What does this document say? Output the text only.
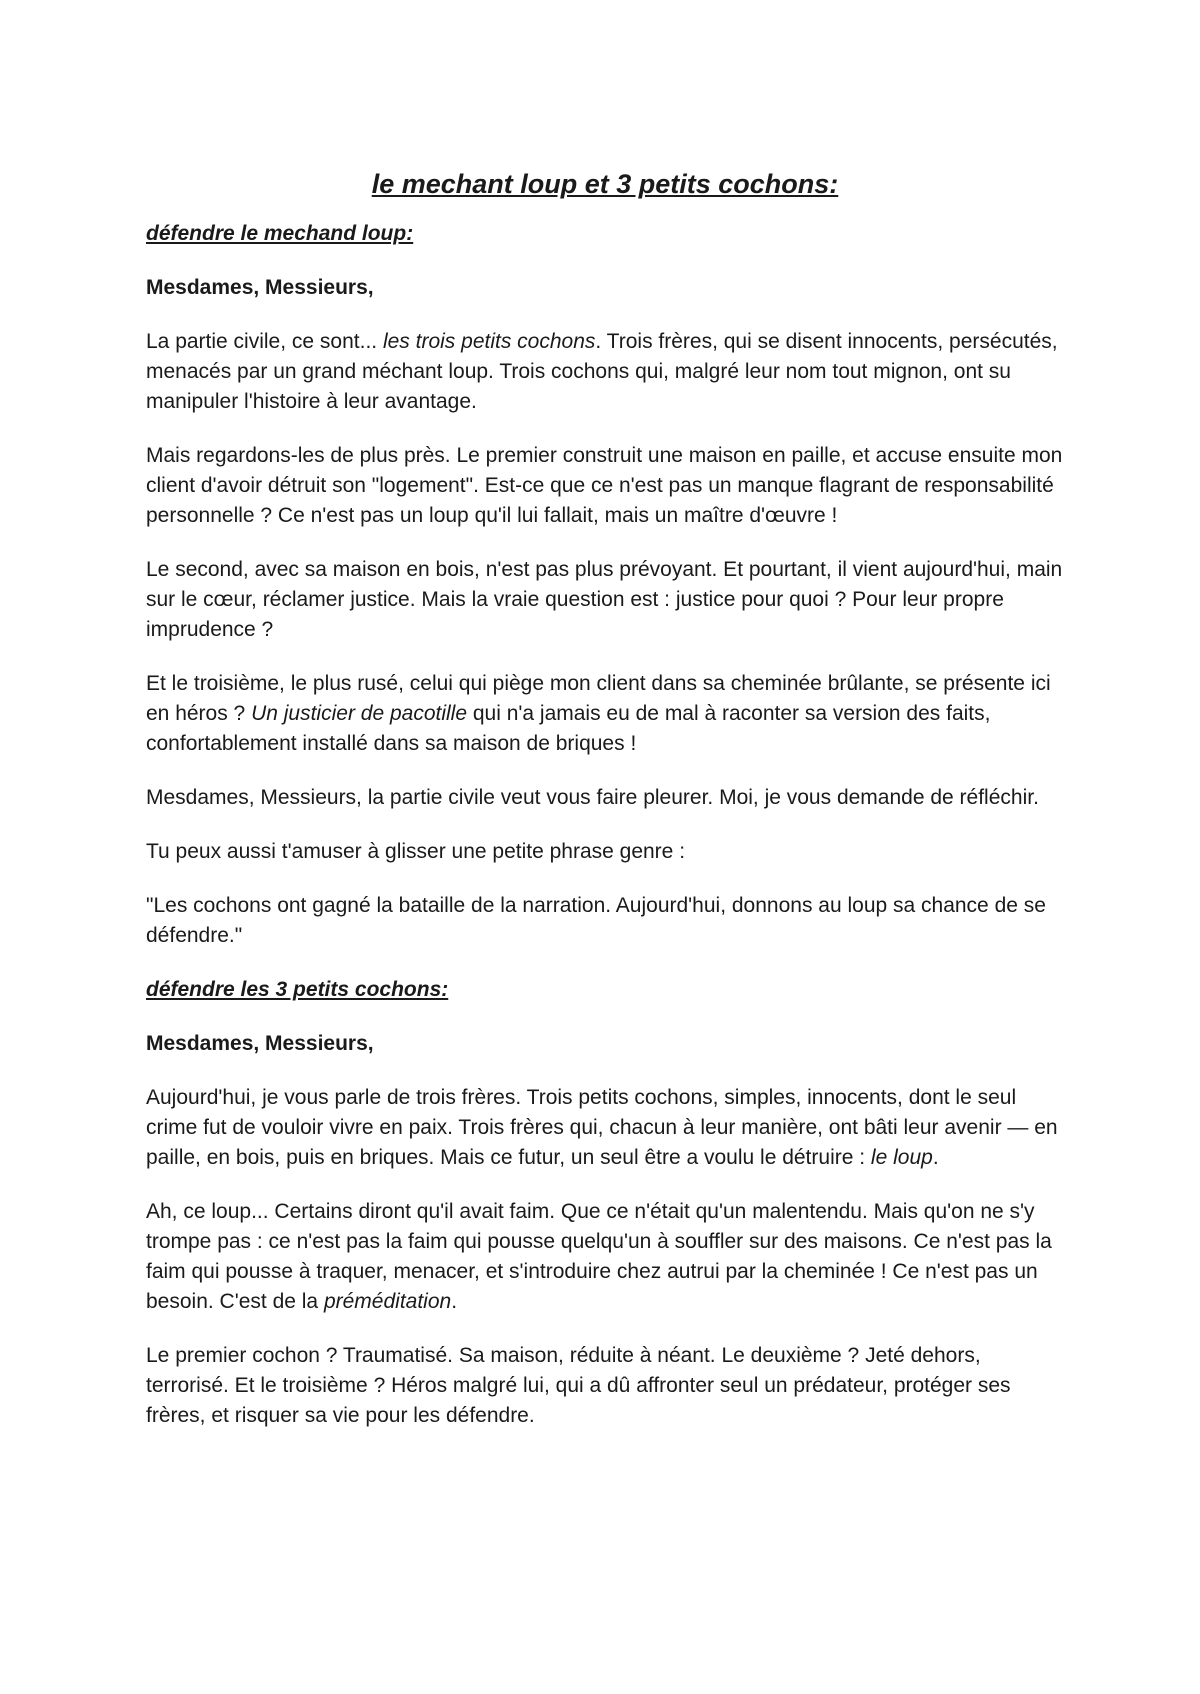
le mechant loup et 3 petits cochons:
défendre le mechand loup:
Mesdames, Messieurs,

La partie civile, ce sont... les trois petits cochons. Trois frères, qui se disent innocents, persécutés, menacés par un grand méchant loup. Trois cochons qui, malgré leur nom tout mignon, ont su manipuler l'histoire à leur avantage.

Mais regardons-les de plus près. Le premier construit une maison en paille, et accuse ensuite mon client d'avoir détruit son "logement". Est-ce que ce n'est pas un manque flagrant de responsabilité personnelle ? Ce n'est pas un loup qu'il lui fallait, mais un maître d'œuvre !

Le second, avec sa maison en bois, n'est pas plus prévoyant. Et pourtant, il vient aujourd'hui, main sur le cœur, réclamer justice. Mais la vraie question est : justice pour quoi ? Pour leur propre imprudence ?

Et le troisième, le plus rusé, celui qui piège mon client dans sa cheminée brûlante, se présente ici en héros ? Un justicier de pacotille qui n'a jamais eu de mal à raconter sa version des faits, confortablement installé dans sa maison de briques !

Mesdames, Messieurs, la partie civile veut vous faire pleurer. Moi, je vous demande de réfléchir.

Tu peux aussi t'amuser à glisser une petite phrase genre :

"Les cochons ont gagné la bataille de la narration. Aujourd'hui, donnons au loup sa chance de se défendre."

défendre les 3 petits cochons:
Mesdames, Messieurs,

Aujourd'hui, je vous parle de trois frères. Trois petits cochons, simples, innocents, dont le seul crime fut de vouloir vivre en paix. Trois frères qui, chacun à leur manière, ont bâti leur avenir — en paille, en bois, puis en briques. Mais ce futur, un seul être a voulu le détruire : le loup.

Ah, ce loup... Certains diront qu'il avait faim. Que ce n'était qu'un malentendu. Mais qu'on ne s'y trompe pas : ce n'est pas la faim qui pousse quelqu'un à souffler sur des maisons. Ce n'est pas la faim qui pousse à traquer, menacer, et s'introduire chez autrui par la cheminée ! Ce n'est pas un besoin. C'est de la préméditation.

Le premier cochon ? Traumatisé. Sa maison, réduite à néant. Le deuxième ? Jeté dehors, terrorisé. Et le troisième ? Héros malgré lui, qui a dû affronter seul un prédateur, protéger ses frères, et risquer sa vie pour les défendre.
